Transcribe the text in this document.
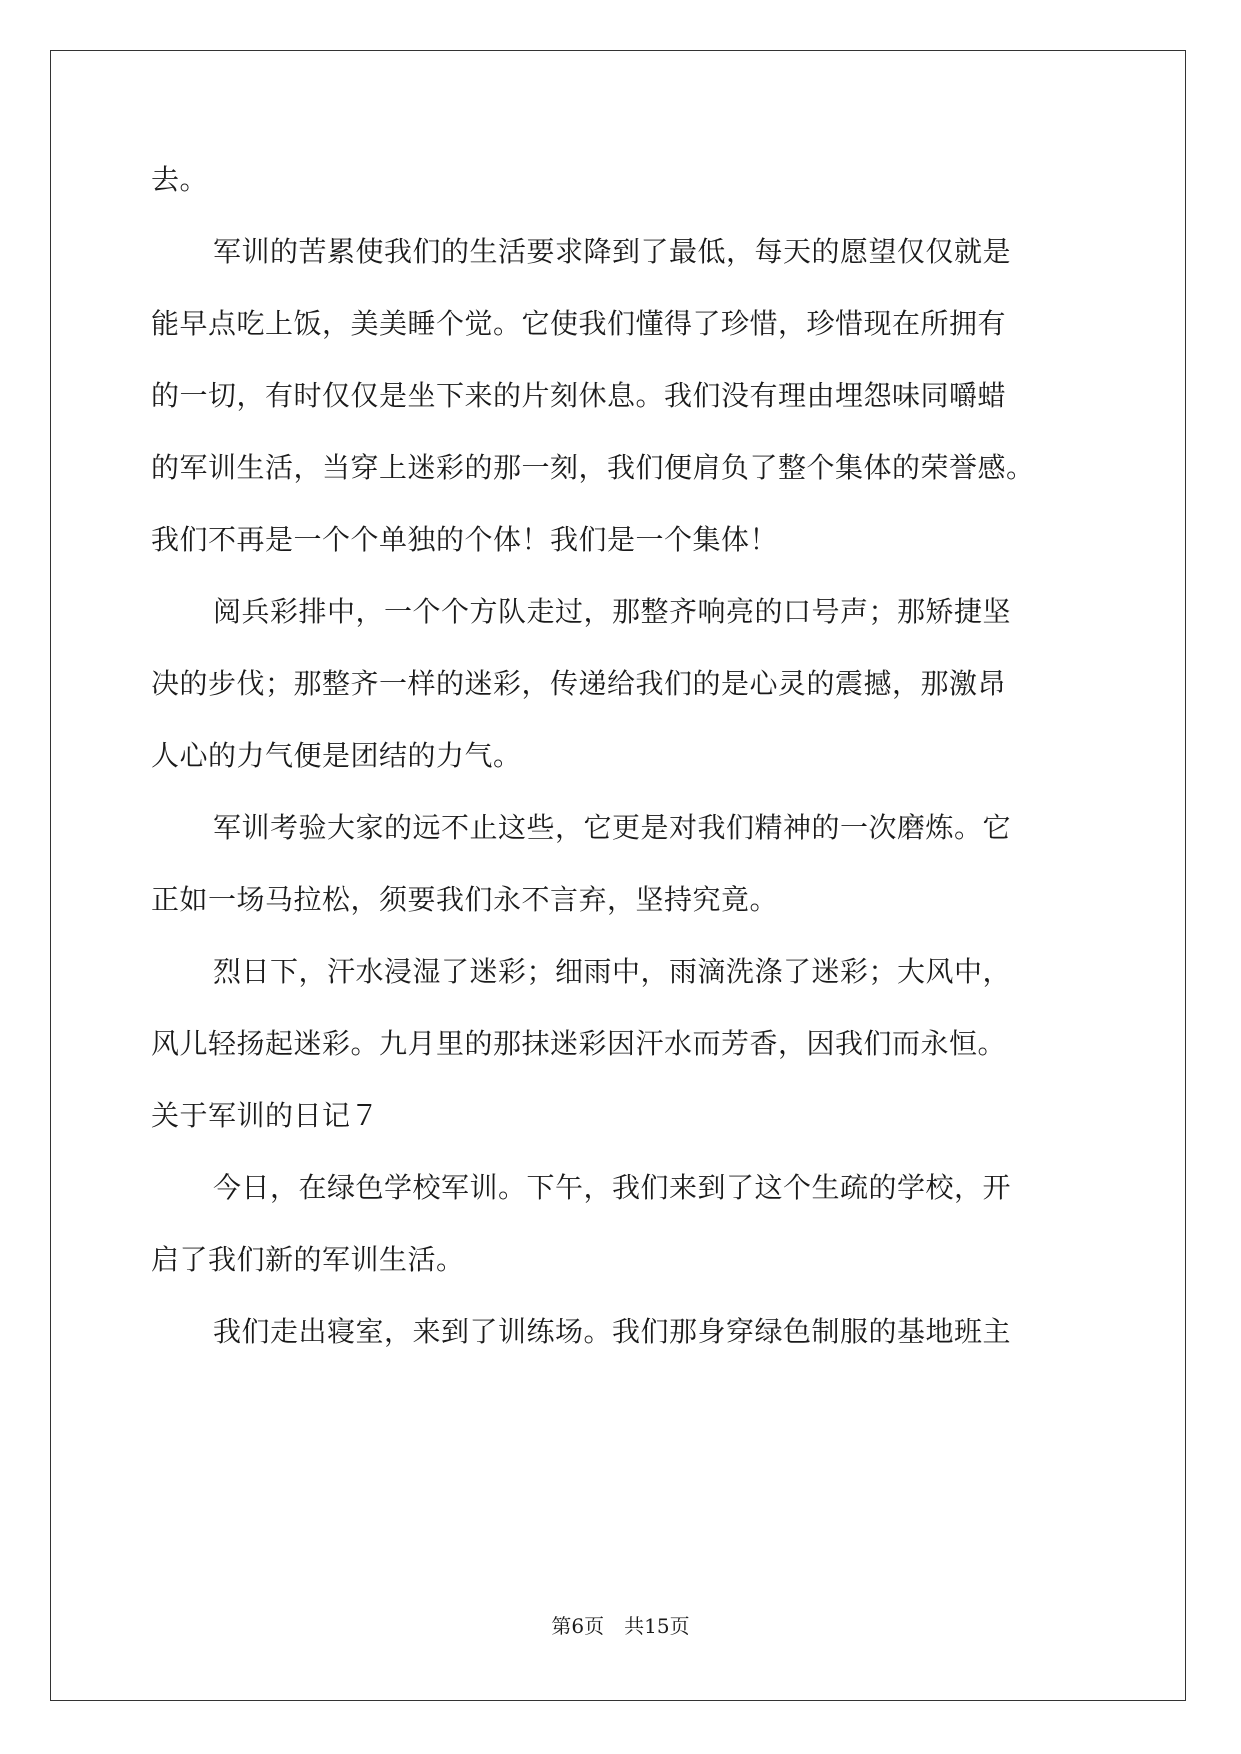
去。
军训的苦累使我们的生活要求降到了最低，每天的愿望仅仅就是
能早点吃上饭，美美睡个觉。它使我们懂得了珍惜，珍惜现在所拥有
的一切，有时仅仅是坐下来的片刻休息。我们没有理由埋怨味同嚼蜡
的军训生活，当穿上迷彩的那一刻，我们便肩负了整个集体的荣誉感。
我们不再是一个个单独的个体！我们是一个集体！
阅兵彩排中，一个个方队走过，那整齐响亮的口号声；那矫捷坚
决的步伐；那整齐一样的迷彩，传递给我们的是心灵的震撼，那激昂
人心的力气便是团结的力气。
军训考验大家的远不止这些，它更是对我们精神的一次磨炼。它
正如一场马拉松，须要我们永不言弃，坚持究竟。
烈日下，汗水浸湿了迷彩；细雨中，雨滴洗涤了迷彩；大风中，
风儿轻扬起迷彩。九月里的那抹迷彩因汗水而芳香，因我们而永恒。
关于军训的日记７
今日，在绿色学校军训。下午，我们来到了这个生疏的学校，开
启了我们新的军训生活。
我们走出寝室，来到了训练场。我们那身穿绿色制服的基地班主
第6页　共15页
